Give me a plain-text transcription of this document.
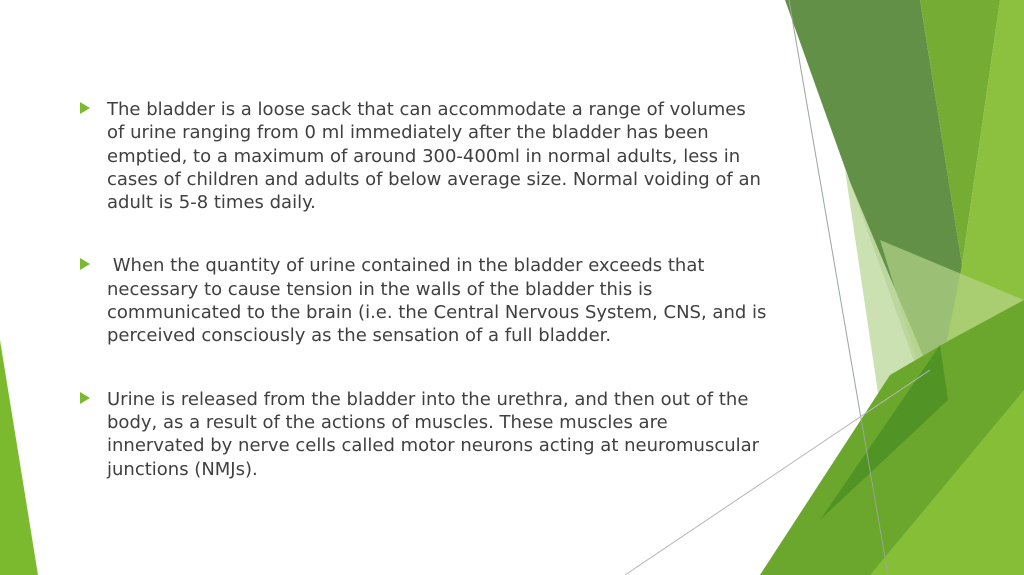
The bladder is a loose sack that can accommodate a range of volumes of urine ranging from 0 ml immediately after the bladder has been emptied, to a maximum of around 300-400ml in normal adults, less in cases of children and adults of below average size. Normal voiding of an adult is 5-8 times daily.
When the quantity of urine contained in the bladder exceeds that necessary to cause tension in the walls of the bladder this is communicated to the brain (i.e. the Central Nervous System, CNS, and is perceived consciously as the sensation of a full bladder.
Urine is released from the bladder into the urethra, and then out of the body, as a result of the actions of muscles. These muscles are innervated by nerve cells called motor neurons acting at neuromuscular junctions (NMJs).
